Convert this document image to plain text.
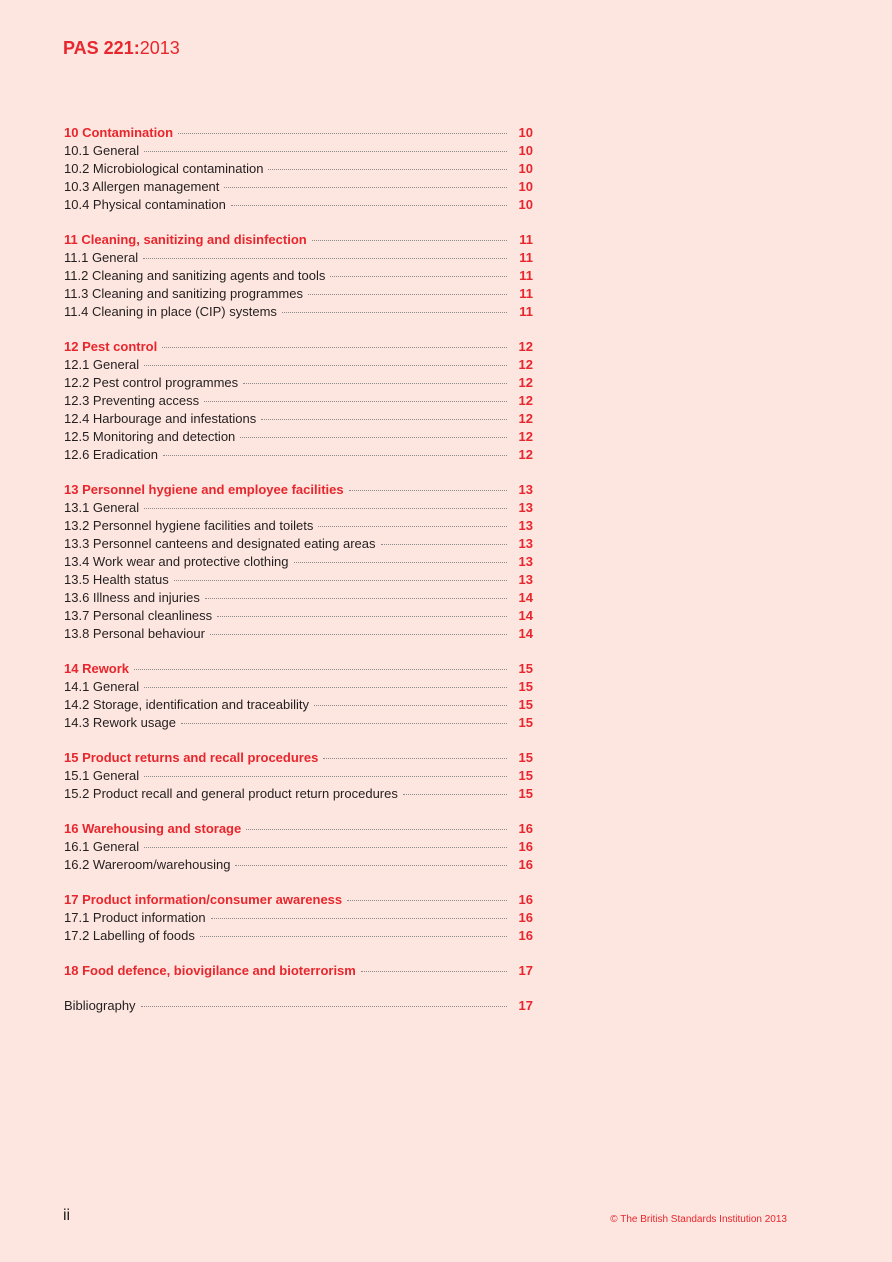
PAS 221:2013
10 Contamination	10
10.1 General	10
10.2 Microbiological contamination	10
10.3 Allergen management	10
10.4 Physical contamination	10
11 Cleaning, sanitizing and disinfection	11
11.1 General	11
11.2 Cleaning and sanitizing agents and tools	11
11.3 Cleaning and sanitizing programmes	11
11.4 Cleaning in place (CIP) systems	11
12 Pest control	12
12.1 General	12
12.2 Pest control programmes	12
12.3 Preventing access	12
12.4 Harbourage and infestations	12
12.5 Monitoring and detection	12
12.6 Eradication	12
13 Personnel hygiene and employee facilities	13
13.1 General	13
13.2 Personnel hygiene facilities and toilets	13
13.3 Personnel canteens and designated eating areas	13
13.4 Work wear and protective clothing	13
13.5 Health status	13
13.6 Illness and injuries	14
13.7 Personal cleanliness	14
13.8 Personal behaviour	14
14 Rework	15
14.1 General	15
14.2 Storage, identification and traceability	15
14.3 Rework usage	15
15 Product returns and recall procedures	15
15.1 General	15
15.2 Product recall and general product return procedures	15
16 Warehousing and storage	16
16.1 General	16
16.2 Wareroom/warehousing	16
17 Product information/consumer awareness	16
17.1 Product information	16
17.2 Labelling of foods	16
18 Food defence, biovigilance and bioterrorism	17
Bibliography	17
ii	© The British Standards Institution 2013
